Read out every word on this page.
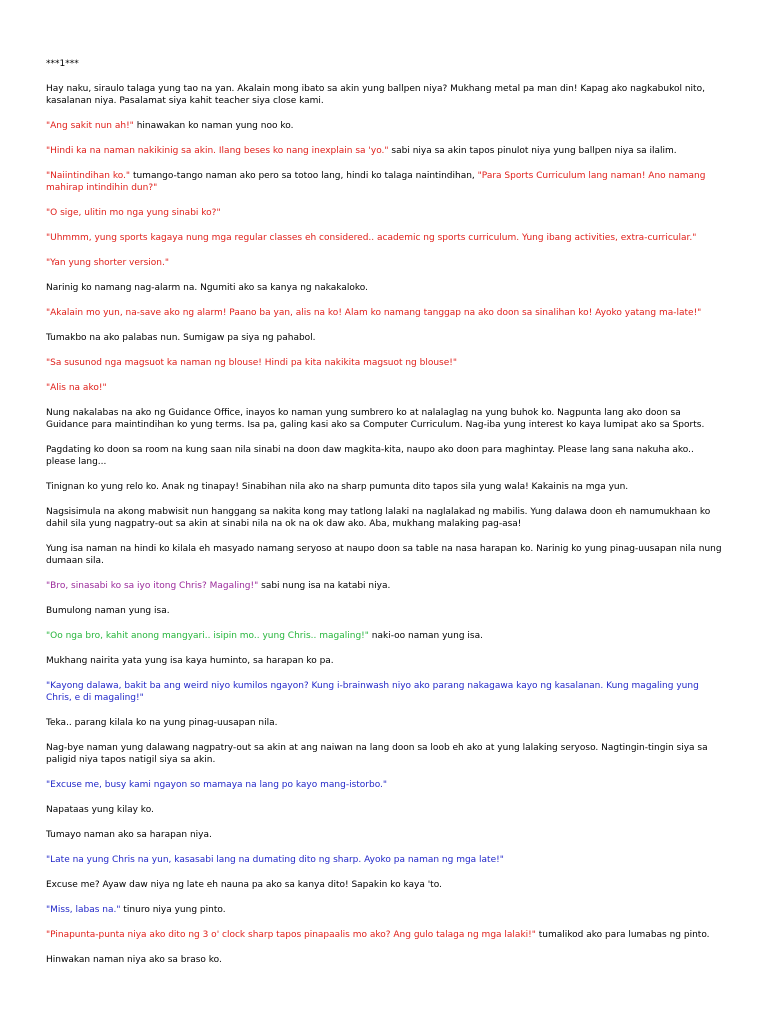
***1***
Hay naku, siraulo talaga yung tao na yan. Akalain mong ibato sa akin yung ballpen niya? Mukhang metal pa man din! Kapag ako nagkabukol nito, kasalanan niya. Pasalamat siya kahit teacher siya close kami.
"Ang sakit nun ah!" hinawakan ko naman yung noo ko.
"Hindi ka na naman nakikinig sa akin. Ilang beses ko nang inexplain sa 'yo." sabi niya sa akin tapos pinulot niya yung ballpen niya sa ilalim.
"Naiintindihan ko." tumango-tango naman ako pero sa totoo lang, hindi ko talaga naintindihan, "Para Sports Curriculum lang naman! Ano namang mahirap intindihin dun?"
"O sige, ulitin mo nga yung sinabi ko?"
"Uhmmm, yung sports kagaya nung mga regular classes eh considered.. academic ng sports curriculum. Yung ibang activities, extra-curricular."
"Yan yung shorter version."
Narinig ko namang nag-alarm na. Ngumiti ako sa kanya ng nakakaloko.
"Akalain mo yun, na-save ako ng alarm! Paano ba yan, alis na ko! Alam ko namang tanggap na ako doon sa sinalihan ko! Ayoko yatang ma-late!"
Tumakbo na ako palabas nun. Sumigaw pa siya ng pahabol.
"Sa susunod nga magsuot ka naman ng blouse! Hindi pa kita nakikita magsuot ng blouse!"
"Alis na ako!"
Nung nakalabas na ako ng Guidance Office, inayos ko naman yung sumbrero ko at nalalaglag na yung buhok ko. Nagpunta lang ako doon sa Guidance para maintindihan ko yung terms. Isa pa, galing kasi ako sa Computer Curriculum. Nag-iba yung interest ko kaya lumipat ako sa Sports.
Pagdating ko doon sa room na kung saan nila sinabi na doon daw magkita-kita, naupo ako doon para maghintay. Please lang sana nakuha ako.. please lang...
Tinignan ko yung relo ko. Anak ng tinapay! Sinabihan nila ako na sharp pumunta dito tapos sila yung wala! Kakainis na mga yun.
Nagsisimula na akong mabwisit nun hanggang sa nakita kong may tatlong lalaki na naglalakad ng mabilis. Yung dalawa doon eh namumukhaan ko dahil sila yung nagpatry-out sa akin at sinabi nila na ok na ok daw ako. Aba, mukhang malaking pag-asa!
Yung isa naman na hindi ko kilala eh masyado namang seryoso at naupo doon sa table na nasa harapan ko. Narinig ko yung pinag-uusapan nila nung dumaan sila.
"Bro, sinasabi ko sa iyo itong Chris? Magaling!" sabi nung isa na katabi niya.
Bumulong naman yung isa.
"Oo nga bro, kahit anong mangyari.. isipin mo.. yung Chris.. magaling!" naki-oo naman yung isa.
Mukhang nairita yata yung isa kaya huminto, sa harapan ko pa.
"Kayong dalawa, bakit ba ang weird niyo kumilos ngayon? Kung i-brainwash niyo ako parang nakagawa kayo ng kasalanan. Kung magaling yung Chris, e di magaling!"
Teka.. parang kilala ko na yung pinag-uusapan nila.
Nag-bye naman yung dalawang nagpatry-out sa akin at ang naiwan na lang doon sa loob eh ako at yung lalaking seryoso. Nagtingin-tingin siya sa paligid niya tapos natigil siya sa akin.
"Excuse me, busy kami ngayon so mamaya na lang po kayo mang-istorbo."
Napataas yung kilay ko.
Tumayo naman ako sa harapan niya.
"Late na yung Chris na yun, kasasabi lang na dumating dito ng sharp. Ayoko pa naman ng mga late!"
Excuse me? Ayaw daw niya ng late eh nauna pa ako sa kanya dito! Sapakin ko kaya 'to.
"Miss, labas na." tinuro niya yung pinto.
"Pinapunta-punta niya ako dito ng 3 o' clock sharp tapos pinapaalis mo ako? Ang gulo talaga ng mga lalaki!" tumalikod ako para lumabas ng pinto.
Hinwakan naman niya ako sa braso ko.
